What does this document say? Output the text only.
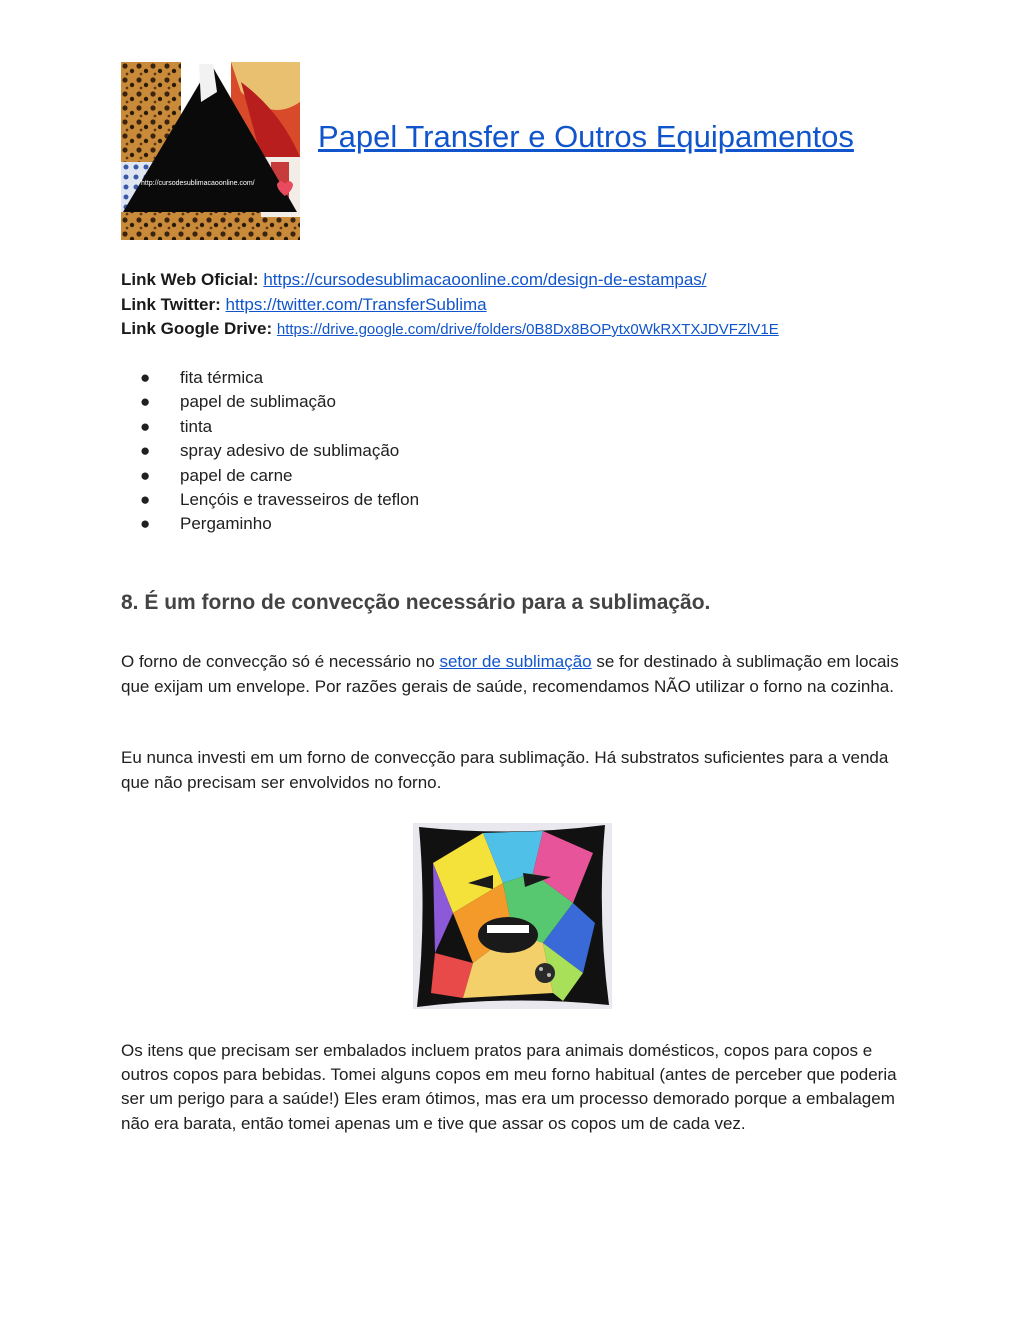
http://cursodesublimacaoonline.com/
Papel Transfer e Outros Equipamentos
Link Web Oficial: https://cursodesublimacaoonline.com/design-de-estampas/
Link Twitter: https://twitter.com/TransferSublima
Link Google Drive: https://drive.google.com/drive/folders/0B8Dx8BOPytx0WkRXTXJDVFZlV1E
● fita térmica
● papel de sublimação
● tinta
● spray adesivo de sublimação
● papel de carne
● Lençóis e travesseiros de teflon
● Pergaminho
8. É um forno de convecção necessário para a sublimação.

O forno de convecção só é necessário no setor de sublimação se for destinado à sublimação em locais que exijam um envelope. Por razões gerais de saúde, recomendamos NÃO utilizar o forno na cozinha.

Eu nunca investi em um forno de convecção para sublimação. Há substratos suficientes para a venda que não precisam ser envolvidos no forno.

Os itens que precisam ser embalados incluem pratos para animais domésticos, copos para copos e outros copos para bebidas. Tomei alguns copos em meu forno habitual (antes de perceber que poderia ser um perigo para a saúde!) Eles eram ótimos, mas era um processo demorado porque a embalagem não era barata, então tomei apenas um e tive que assar os copos um de cada vez.
